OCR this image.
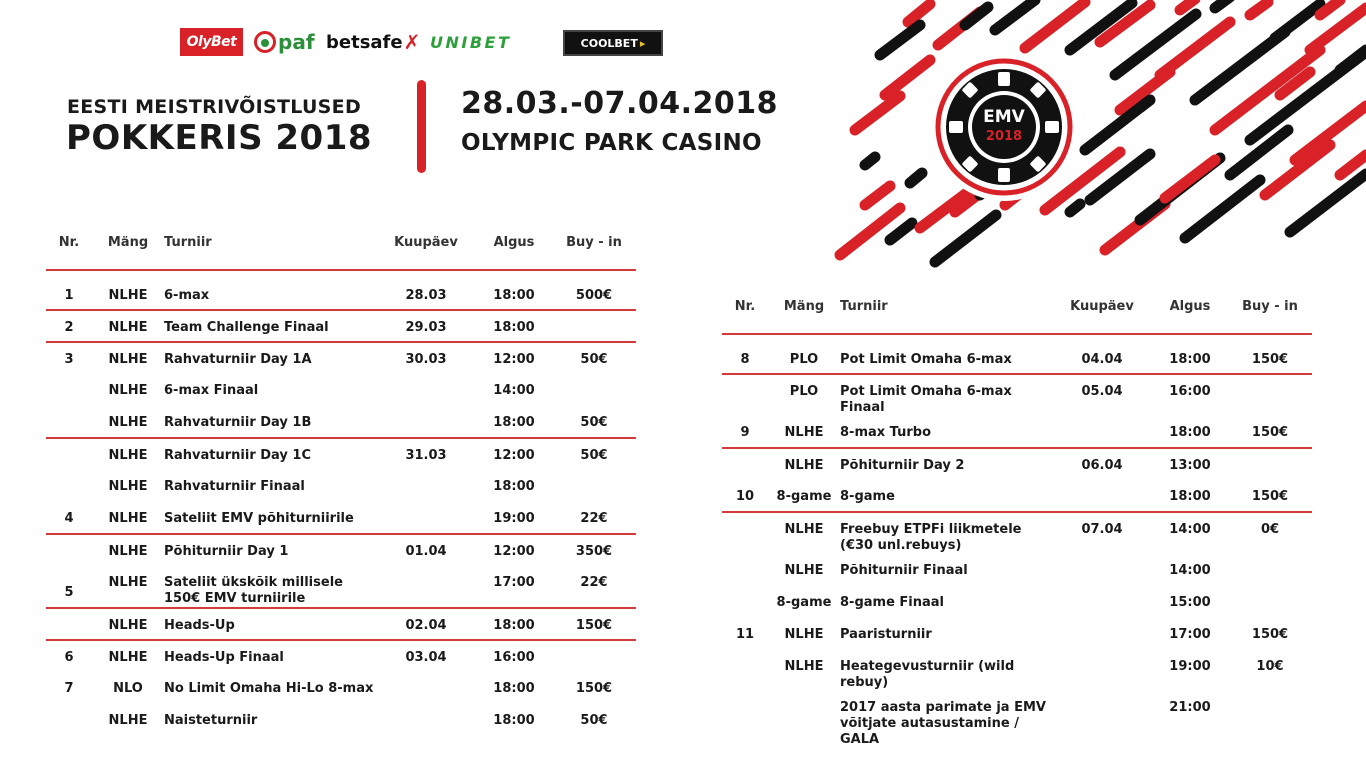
OlyBet paf betsafe ✗ UNIBET	COOLBET ▸
EESTI MEISTRIVÕISTLUSED
POKKERIS 2018
28.03.-07.04.2018
OLYMPIC PARK CASINO
EMV
2018
Nr.	Mäng	Turniir	Kuupäev	Algus	Buy - in
1	NLHE	6-max	28.03	18:00	500€
2	NLHE	Team Challenge Finaal	29.03	18:00	
3	NLHE	Rahvaturniir Day 1A	30.03	12:00	50€
	NLHE	6-max Finaal		14:00	
	NLHE	Rahvaturniir Day 1B		18:00	50€
	NLHE	Rahvaturniir Day 1C	31.03	12:00	50€
	NLHE	Rahvaturniir Finaal		18:00	
4	NLHE	Sateliit EMV põhiturniirile		19:00	22€
	NLHE	Põhiturniir Day 1	01.04	12:00	350€
5	NLHE	Sateliit ükskõik millisele
150€ EMV turniirile		17:00	22€
	NLHE	Heads-Up	02.04	18:00	150€
6	NLHE	Heads-Up Finaal	03.04	16:00	
7	NLO	No Limit Omaha Hi-Lo 8-max		18:00	150€
	NLHE	Naisteturniir		18:00	50€
Nr.	Mäng	Turniir	Kuupäev	Algus	Buy - in
8	PLO	Pot Limit Omaha 6-max	04.04	18:00	150€
	PLO	Pot Limit Omaha 6-max
Finaal	05.04	16:00	
9	NLHE	8-max Turbo		18:00	150€
	NLHE	Põhiturniir Day 2	06.04	13:00	
10	8-game	8-game		18:00	150€
	NLHE	Freebuy ETPFi liikmetele
(€30 unl.rebuys)	07.04	14:00	0€
	NLHE	Põhiturniir Finaal		14:00	
	8-game	8-game Finaal		15:00	
11	NLHE	Paaristurniir		17:00	150€
	NLHE	Heategevusturniir (wild rebuy)		19:00	10€
		2017 aasta parimate ja EMV
võitjate autasustamine / GALA		21:00	
